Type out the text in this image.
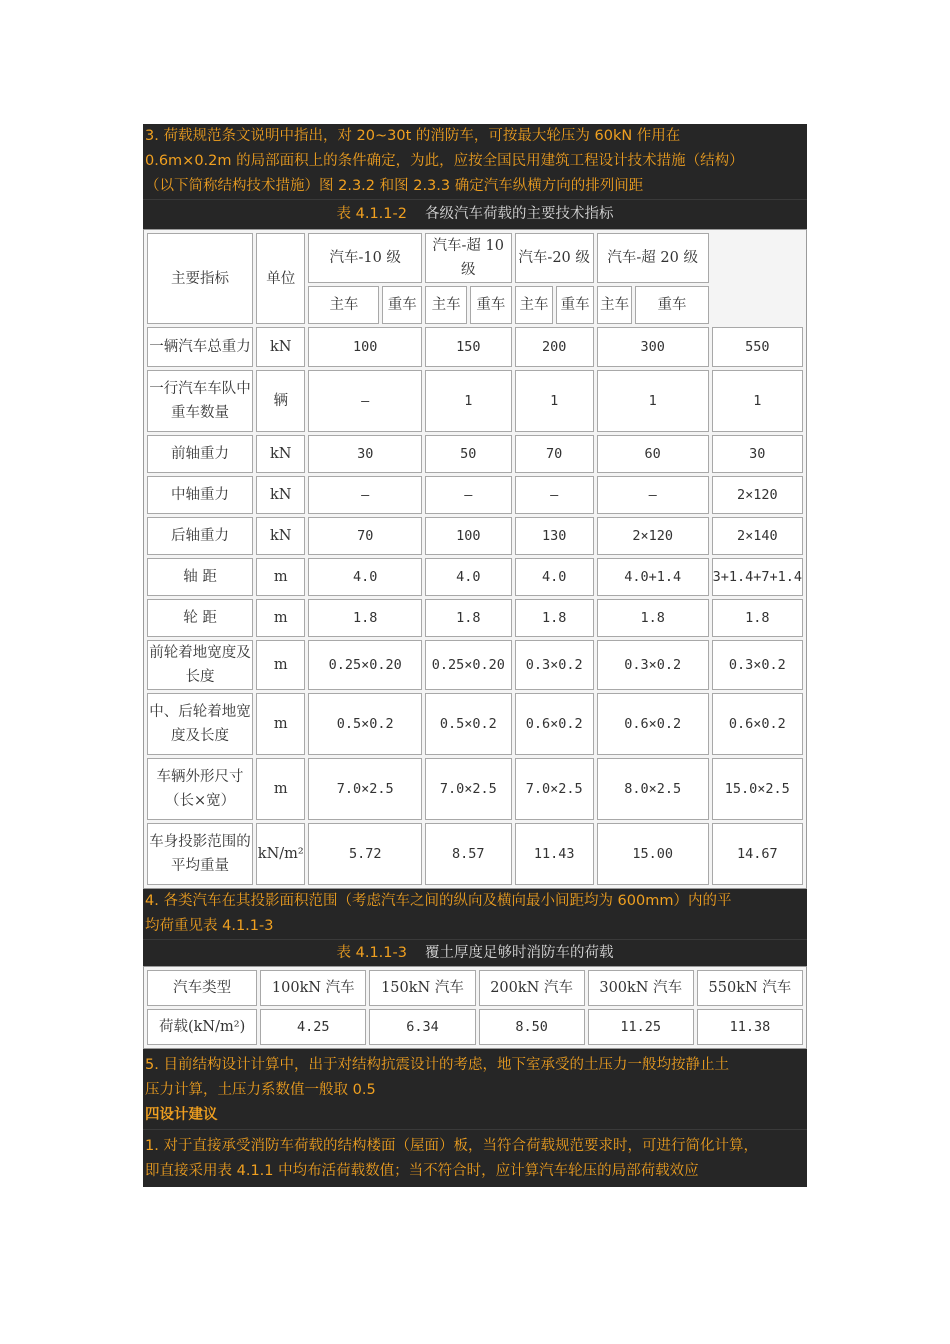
3. 荷载规范条文说明中指出，对 20~30t 的消防车，可按最大轮压为 60kN 作用在
0.6m×0.2m 的局部面积上的条件确定，为此，应按全国民用建筑工程设计技术措施（结构）
（以下简称结构技术措施）图 2.3.2 和图 2.3.3 确定汽车纵横方向的排列间距
表 4.1.1-2 各级汽车荷载的主要技术指标
主要指标	单位	汽车-10 级		汽车-超 10 级		汽车-20 级		汽车-超 20 级		
		主车	重车	主车	重车	主车	重车	主车	重车	
一辆汽车总重力	kN	100		150		200		300		550
一行汽车车队中重车数量	辆	—		1		1		1		1
前轴重力	kN	30		50		70		60		30
中轴重力	kN	—		—		—		—		2×120
后轴重力	kN	70		100		130		2×120		2×140
轴 距	m	4.0		4.0		4.0		4.0+1.4		3+1.4+7+1.4
轮 距	m	1.8		1.8		1.8		1.8		1.8
前轮着地宽度及长度	m	0.25×0.20		0.25×0.20		0.3×0.2		0.3×0.2		0.3×0.2
中、后轮着地宽度及长度	m	0.5×0.2		0.5×0.2		0.6×0.2		0.6×0.2		0.6×0.2
车辆外形尺寸（长×宽）	m	7.0×2.5		7.0×2.5		7.0×2.5		8.0×2.5		15.0×2.5
车身投影范围的平均重量	kN/m²	5.72		8.57		11.43		15.00		14.67
4. 各类汽车在其投影面积范围（考虑汽车之间的纵向及横向最小间距均为 600mm）内的平
均荷重见表 4.1.1-3
表 4.1.1-3 覆土厚度足够时消防车的荷载
汽车类型	100kN 汽车	150kN 汽车	200kN 汽车	300kN 汽车	550kN 汽车
荷载(kN/m²)	4.25	6.34	8.50	11.25	11.38
5. 目前结构设计计算中，出于对结构抗震设计的考虑，地下室承受的土压力一般均按静止土
压力计算，土压力系数值一般取 0.5
四设计建议
1. 对于直接承受消防车荷载的结构楼面（屋面）板，当符合荷载规范要求时，可进行简化计算，
即直接采用表 4.1.1 中均布活荷载数值；当不符合时，应计算汽车轮压的局部荷载效应
